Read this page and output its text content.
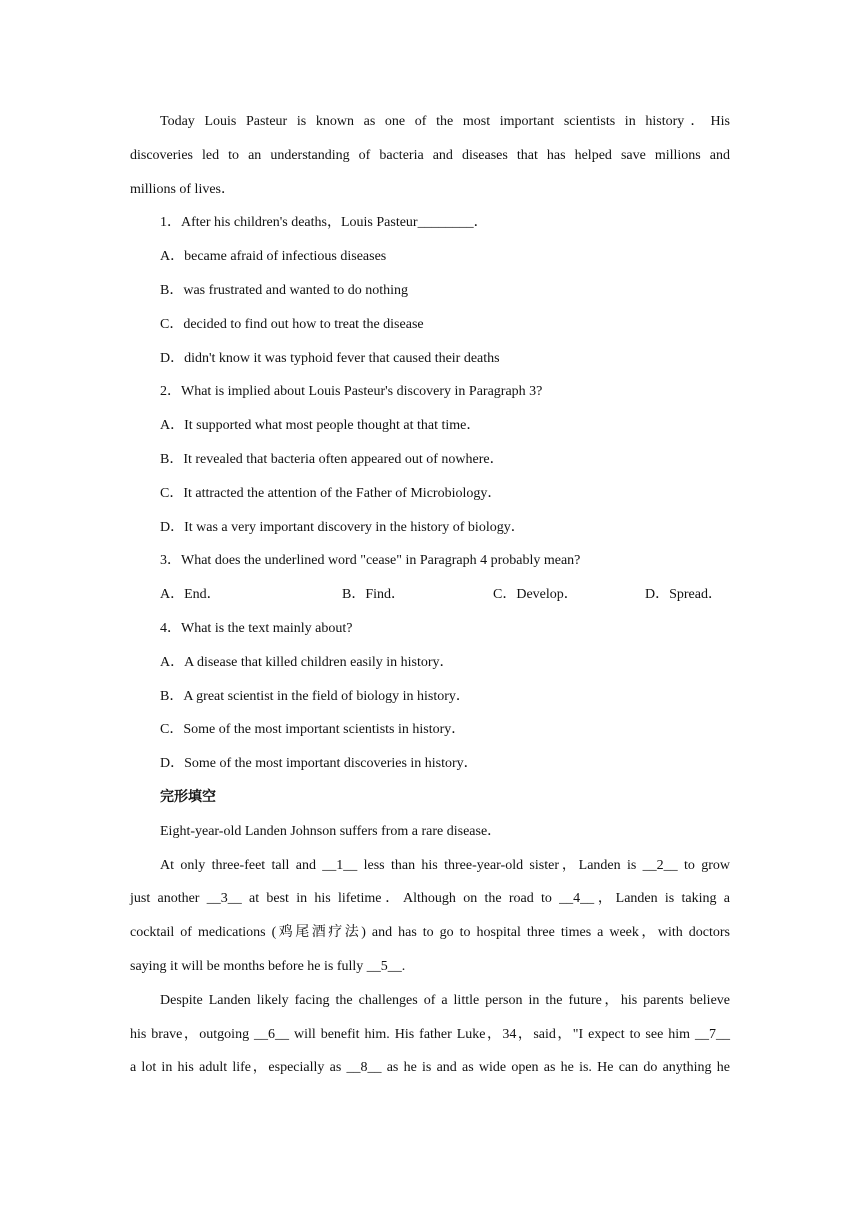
Today Louis Pasteur is known as one of the most important scientists in history．His
discoveries led to an understanding of bacteria and diseases that has helped save millions and
millions of lives．
1．After his children's deaths，Louis Pasteur________．
A．became afraid of infectious diseases
B．was frustrated and wanted to do nothing
C．decided to find out how to treat the disease
D．didn't know it was typhoid fever that caused their deaths
2．What is implied about Louis Pasteur's discovery in Paragraph 3?
A．It supported what most people thought at that time．
B．It revealed that bacteria often appeared out of nowhere．
C．It attracted the attention of the Father of Microbiology．
D．It was a very important discovery in the history of biology．
3．What does the underlined word "cease" in Paragraph 4 probably mean?
A．End．	B．Find．	C．Develop．	D．Spread．
4．What is the text mainly about?
A．A disease that killed children easily in history．
B．A great scientist in the field of biology in history．
C．Some of the most important scientists in history．
D．Some of the most important discoveries in history．
完形填空
Eight-year-old Landen Johnson suffers from a rare disease．
At only three-feet tall and __1__ less than his three-year-old sister，Landen is __2__ to grow
just another __3__ at best in his lifetime．Although on the road to __4__，Landen is taking a
cocktail of medications (鸡尾酒疗法) and has to go to hospital three times a week，with doctors
saying it will be months before he is fully __5__.
Despite Landen likely facing the challenges of a little person in the future，his parents believe
his brave，outgoing __6__ will benefit him. His father Luke，34，said，"I expect to see him __7__
a lot in his adult life，especially as __8__ as he is and as wide open as he is. He can do anything he
